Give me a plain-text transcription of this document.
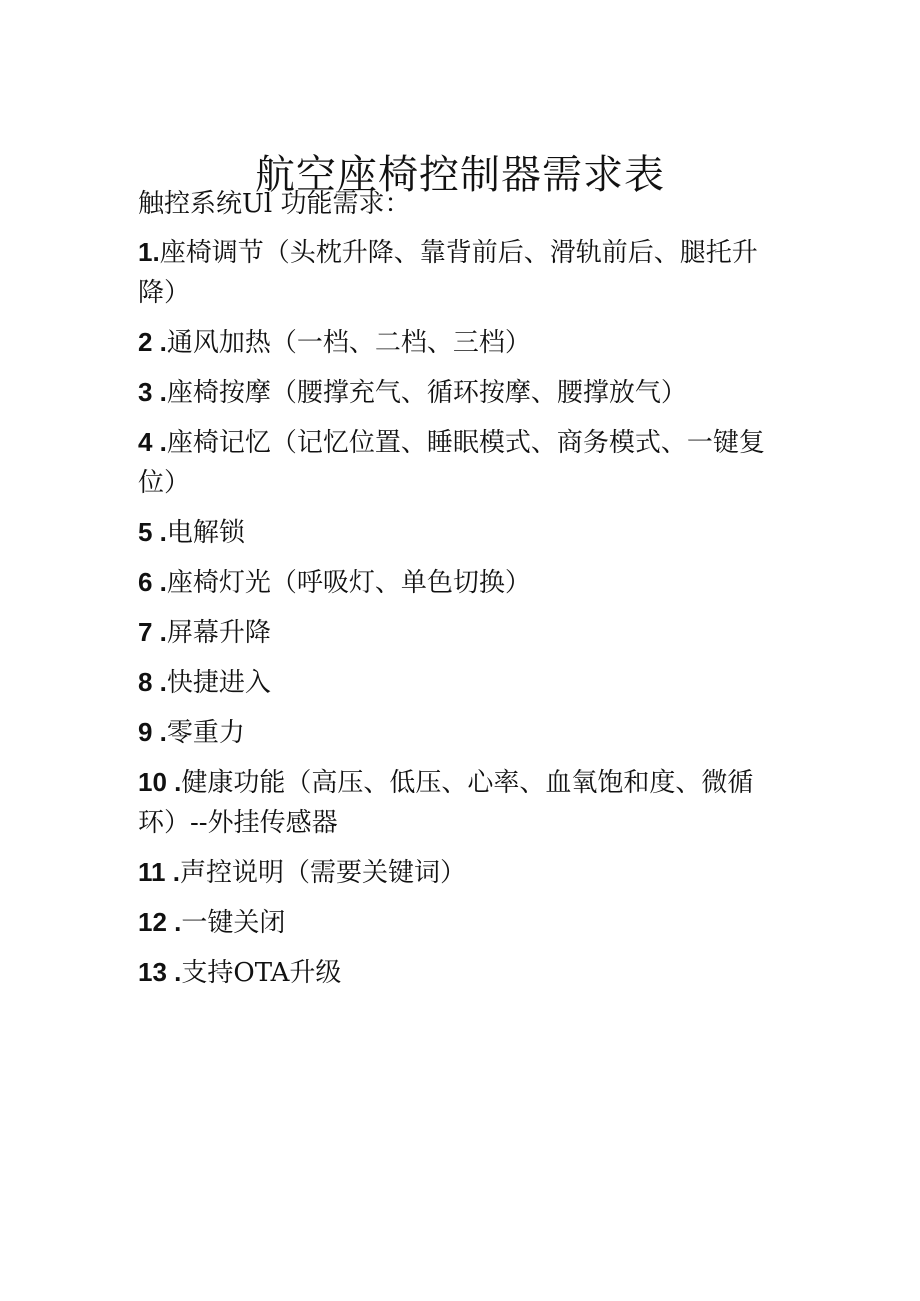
航空座椅控制器需求表
触控系统Ul 功能需求：
1.座椅调节（头枕升降、靠背前后、滑轨前后、腿托升降）
2 .通风加热（一档、二档、三档）
3 .座椅按摩（腰撑充气、循环按摩、腰撑放气）
4 .座椅记忆（记忆位置、睡眠模式、商务模式、一键复位）
5 .电解锁
6 .座椅灯光（呼吸灯、单色切换）
7 .屏幕升降
8 .快捷进入
9 .零重力
10 .健康功能（高压、低压、心率、血氧饱和度、微循环）--外挂传感器
11 .声控说明（需要关键词）
12 .一键关闭
13 .支持OTA升级
